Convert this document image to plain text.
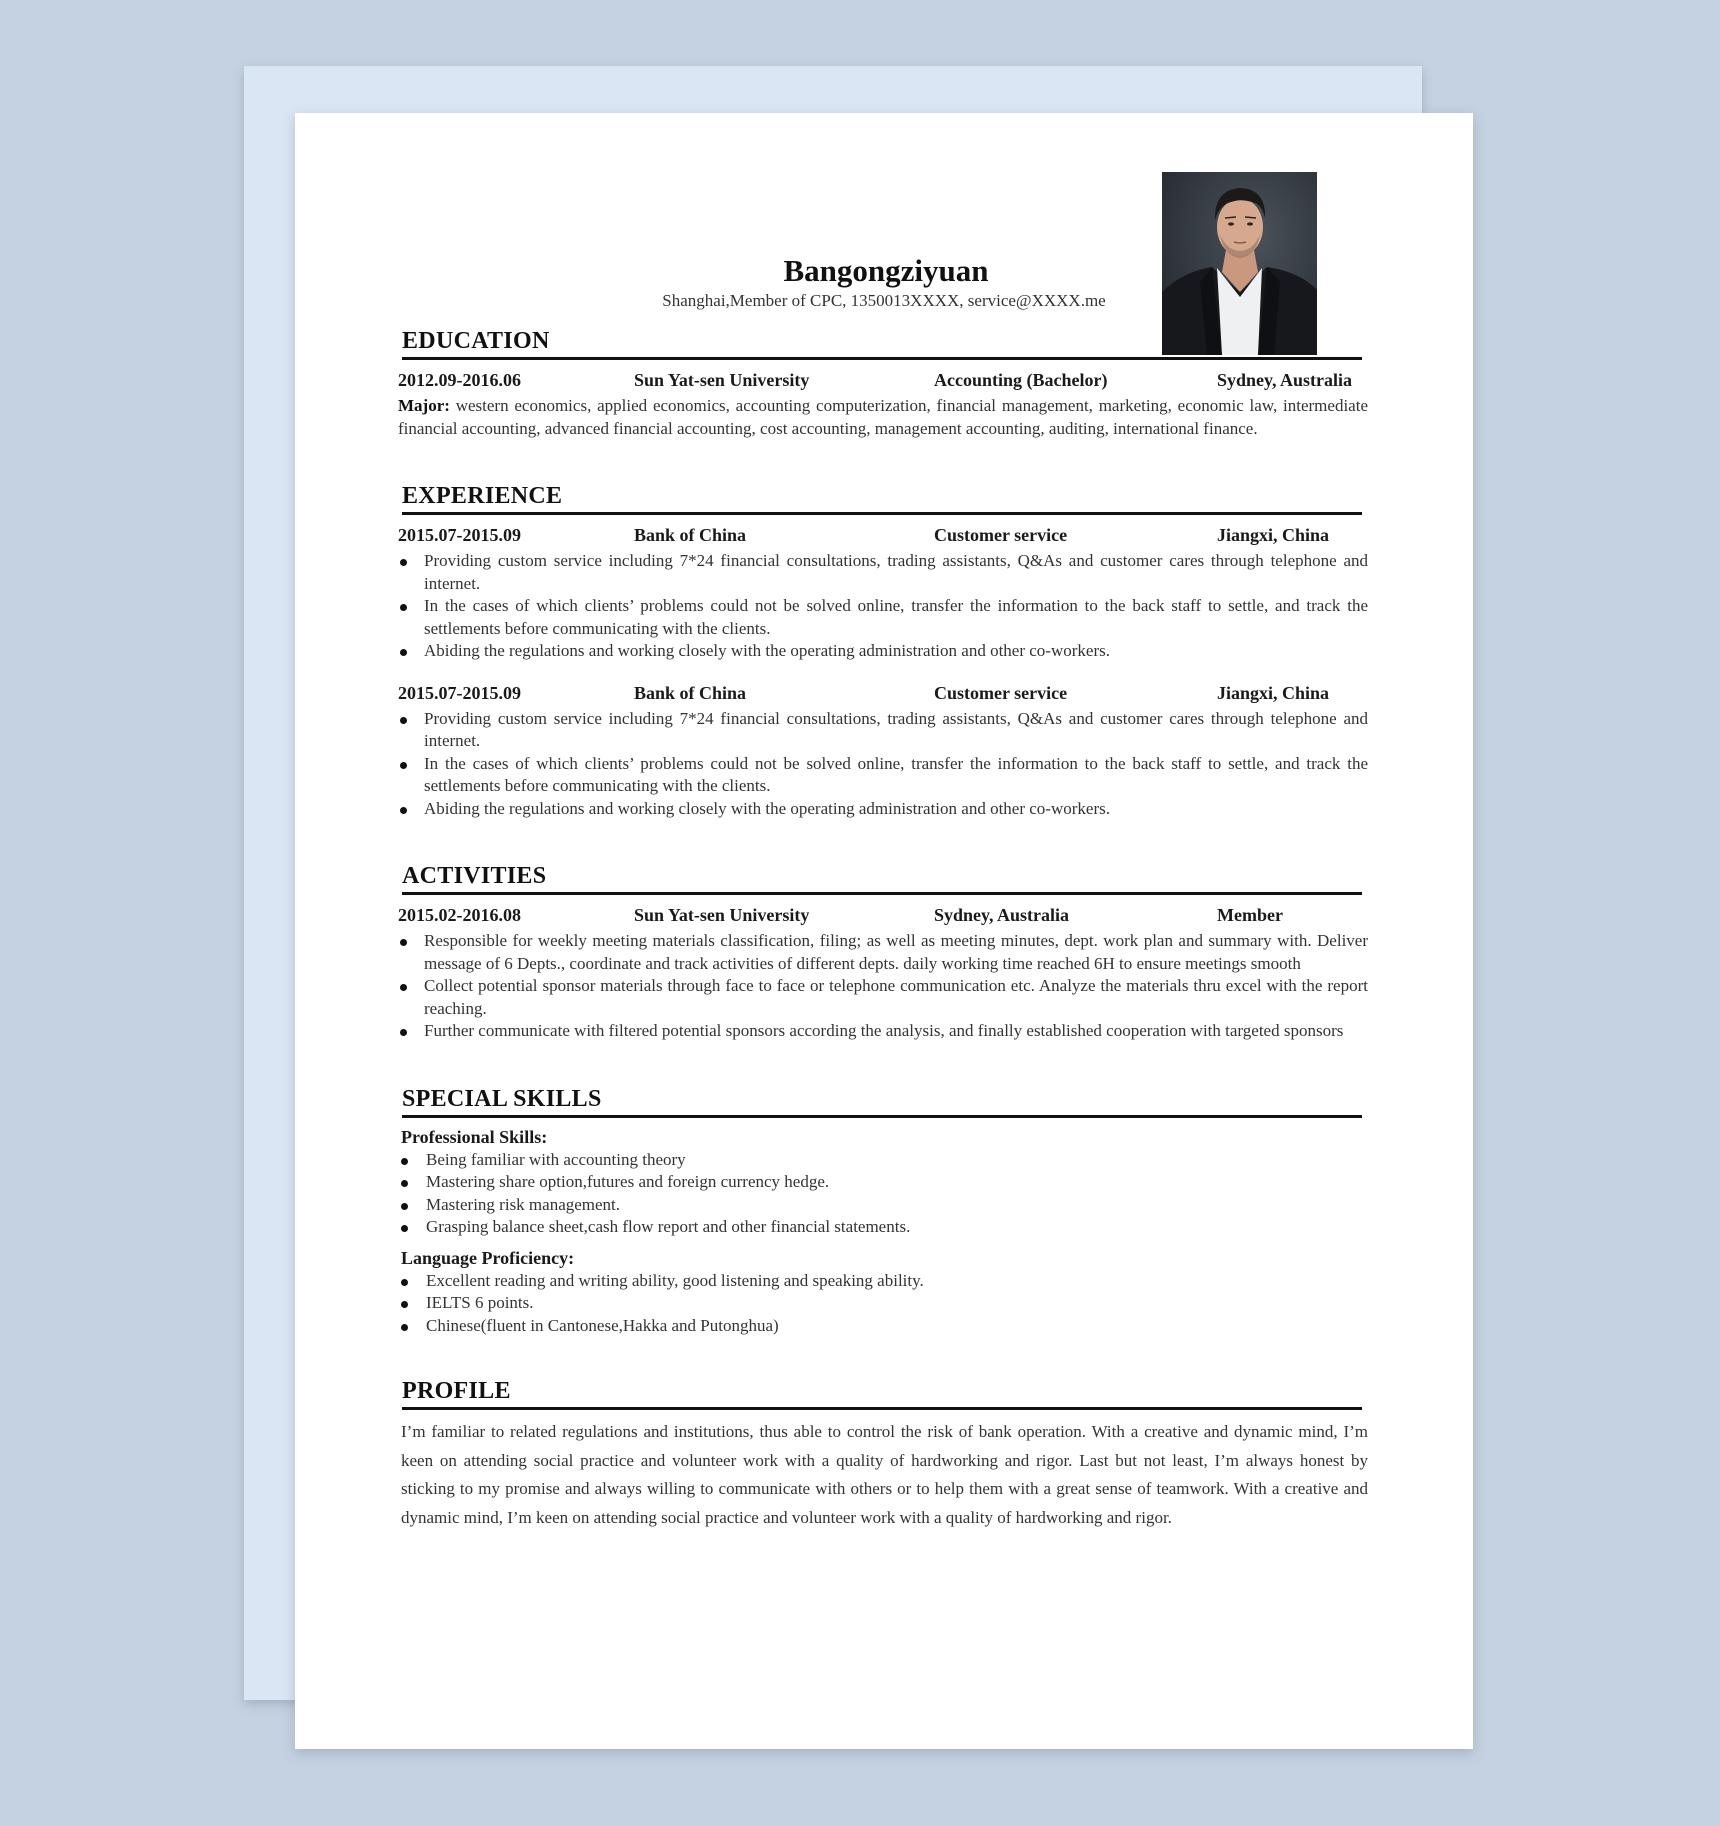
Bangongziyuan
Shanghai,Member of CPC, 1350013XXXX, service@XXXX.me
EDUCATION
2012.09-2016.06	Sun Yat-sen University	Accounting (Bachelor)	Sydney, Australia
Major: western economics, applied economics, accounting computerization, financial management, marketing, economic law, intermediate financial accounting, advanced financial accounting, cost accounting, management accounting, auditing, international finance.
EXPERIENCE
2015.07-2015.09	Bank of China	Customer service	Jiangxi, China
Providing custom service including 7*24 financial consultations, trading assistants, Q&As and customer cares through telephone and internet.
In the cases of which clients’ problems could not be solved online, transfer the information to the back staff to settle, and track the settlements before communicating with the clients.
Abiding the regulations and working closely with the operating administration and other co-workers.
2015.07-2015.09	Bank of China	Customer service	Jiangxi, China
Providing custom service including 7*24 financial consultations, trading assistants, Q&As and customer cares through telephone and internet.
In the cases of which clients’ problems could not be solved online, transfer the information to the back staff to settle, and track the settlements before communicating with the clients.
Abiding the regulations and working closely with the operating administration and other co-workers.
ACTIVITIES
2015.02-2016.08	Sun Yat-sen University	Sydney, Australia	Member
Responsible for weekly meeting materials classification, filing; as well as meeting minutes, dept. work plan and summary with. Deliver message of 6 Depts., coordinate and track activities of different depts. daily working time reached 6H to ensure meetings smooth
Collect potential sponsor materials through face to face or telephone communication etc. Analyze the materials thru excel with the report reaching.
Further communicate with filtered potential sponsors according the analysis, and finally established cooperation with targeted sponsors
SPECIAL SKILLS
Professional Skills:
Being familiar with accounting theory
Mastering share option,futures and foreign currency hedge.
Mastering risk management.
Grasping balance sheet,cash flow report and other financial statements.
Language Proficiency:
Excellent reading and writing ability, good listening and speaking ability.
IELTS 6 points.
Chinese(fluent in Cantonese,Hakka and Putonghua)
PROFILE
I’m familiar to related regulations and institutions, thus able to control the risk of bank operation. With a creative and dynamic mind, I’m keen on attending social practice and volunteer work with a quality of hardworking and rigor. Last but not least, I’m always honest by sticking to my promise and always willing to communicate with others or to help them with a great sense of teamwork. With a creative and dynamic mind, I’m keen on attending social practice and volunteer work with a quality of hardworking and rigor.
